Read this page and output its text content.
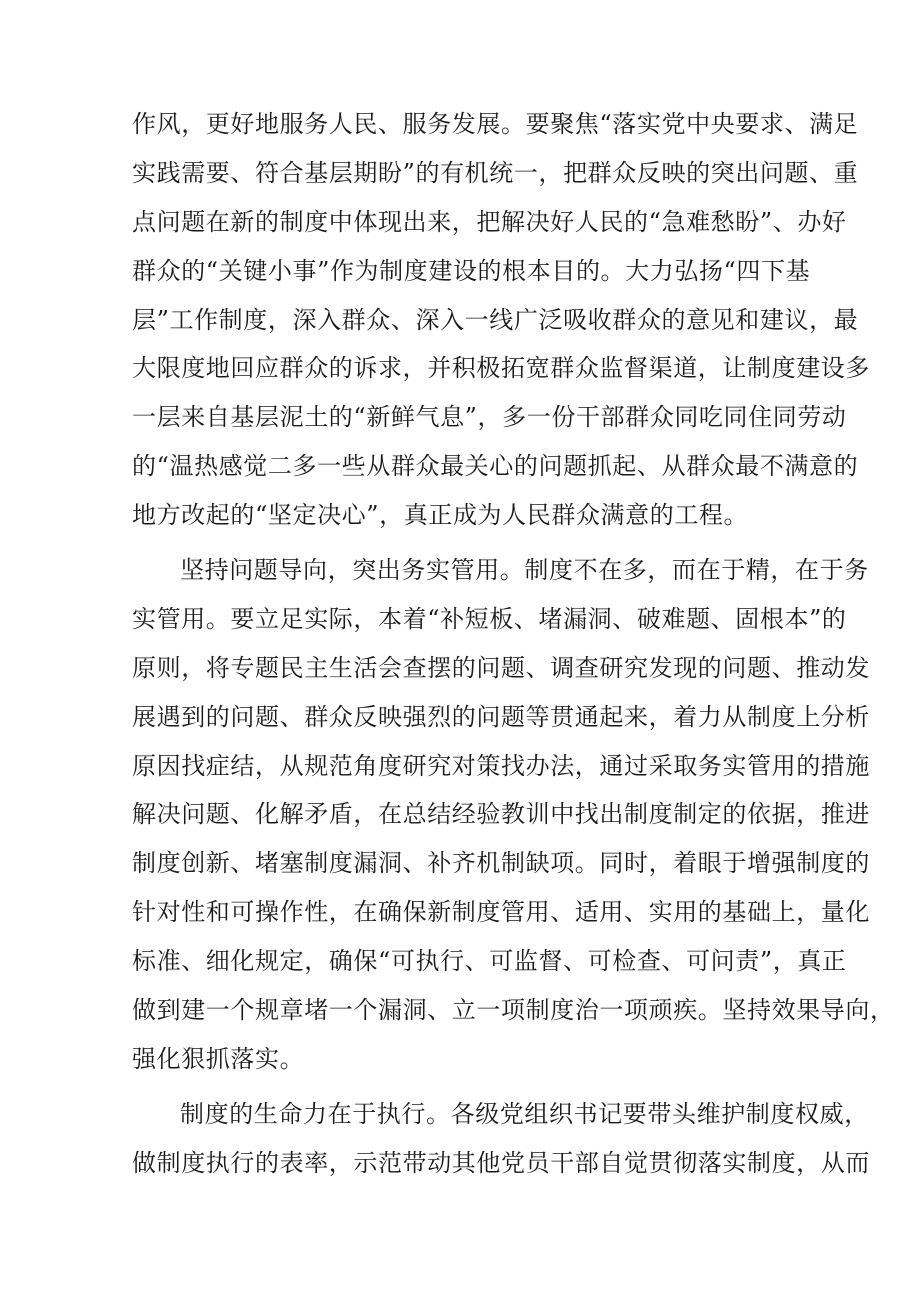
作风，更好地服务人民、服务发展。要聚焦“落实党中央要求、满足
实践需要、符合基层期盼”的有机统一，把群众反映的突出问题、重
点问题在新的制度中体现出来，把解决好人民的“急难愁盼”、办好
群众的“关键小事”作为制度建设的根本目的。大力弘扬“四下基
层”工作制度，深入群众、深入一线广泛吸收群众的意见和建议，最
大限度地回应群众的诉求，并积极拓宽群众监督渠道，让制度建设多
一层来自基层泥土的“新鲜气息”，多一份干部群众同吃同住同劳动
的“温热感觉二多一些从群众最关心的问题抓起、从群众最不满意的
地方改起的“坚定决心”，真正成为人民群众满意的工程。
坚持问题导向，突出务实管用。制度不在多，而在于精，在于务
实管用。要立足实际，本着“补短板、堵漏洞、破难题、固根本”的
原则，将专题民主生活会查摆的问题、调查研究发现的问题、推动发
展遇到的问题、群众反映强烈的问题等贯通起来，着力从制度上分析
原因找症结，从规范角度研究对策找办法，通过采取务实管用的措施
解决问题、化解矛盾，在总结经验教训中找出制度制定的依据，推进
制度创新、堵塞制度漏洞、补齐机制缺项。同时，着眼于增强制度的
针对性和可操作性，在确保新制度管用、适用、实用的基础上，量化
标准、细化规定，确保“可执行、可监督、可检查、可问责”，真正
做到建一个规章堵一个漏洞、立一项制度治一项顽疾。坚持效果导向，
强化狠抓落实。
制度的生命力在于执行。各级党组织书记要带头维护制度权威，
做制度执行的表率，示范带动其他党员干部自觉贯彻落实制度，从而
